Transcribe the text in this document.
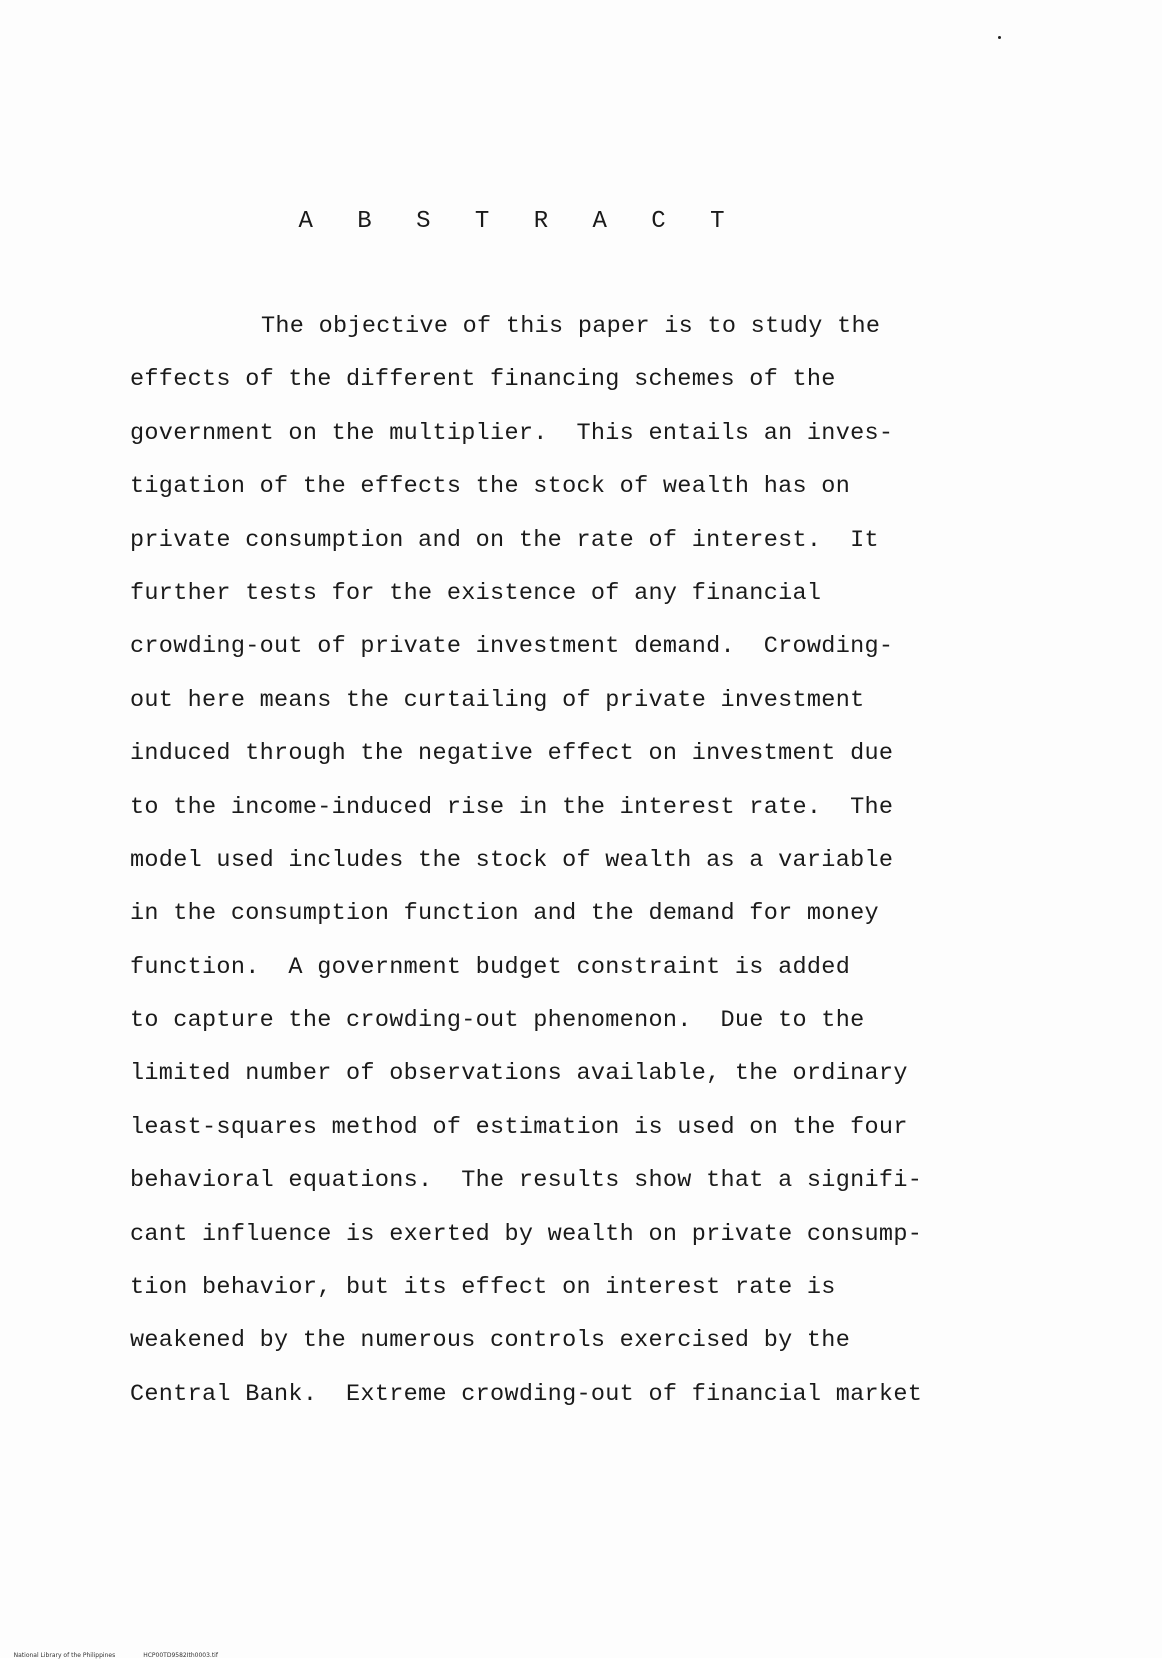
A B S T R A C T
The objective of this paper is to study the
effects of the different financing schemes of the
government on the multiplier.  This entails an inves-
tigation of the effects the stock of wealth has on
private consumption and on the rate of interest.  It
further tests for the existence of any financial
crowding-out of private investment demand.  Crowding-
out here means the curtailing of private investment
induced through the negative effect on investment due
to the income-induced rise in the interest rate.  The
model used includes the stock of wealth as a variable
in the consumption function and the demand for money
function.  A government budget constraint is added
to capture the crowding-out phenomenon.  Due to the
limited number of observations available, the ordinary
least-squares method of estimation is used on the four
behavioral equations.  The results show that a signifi-
cant influence is exerted by wealth on private consump-
tion behavior, but its effect on interest rate is
weakened by the numerous controls exercised by the
Central Bank.  Extreme crowding-out of financial market

National Library of the Philippines	HCP00TD9582Ith0003.tif
